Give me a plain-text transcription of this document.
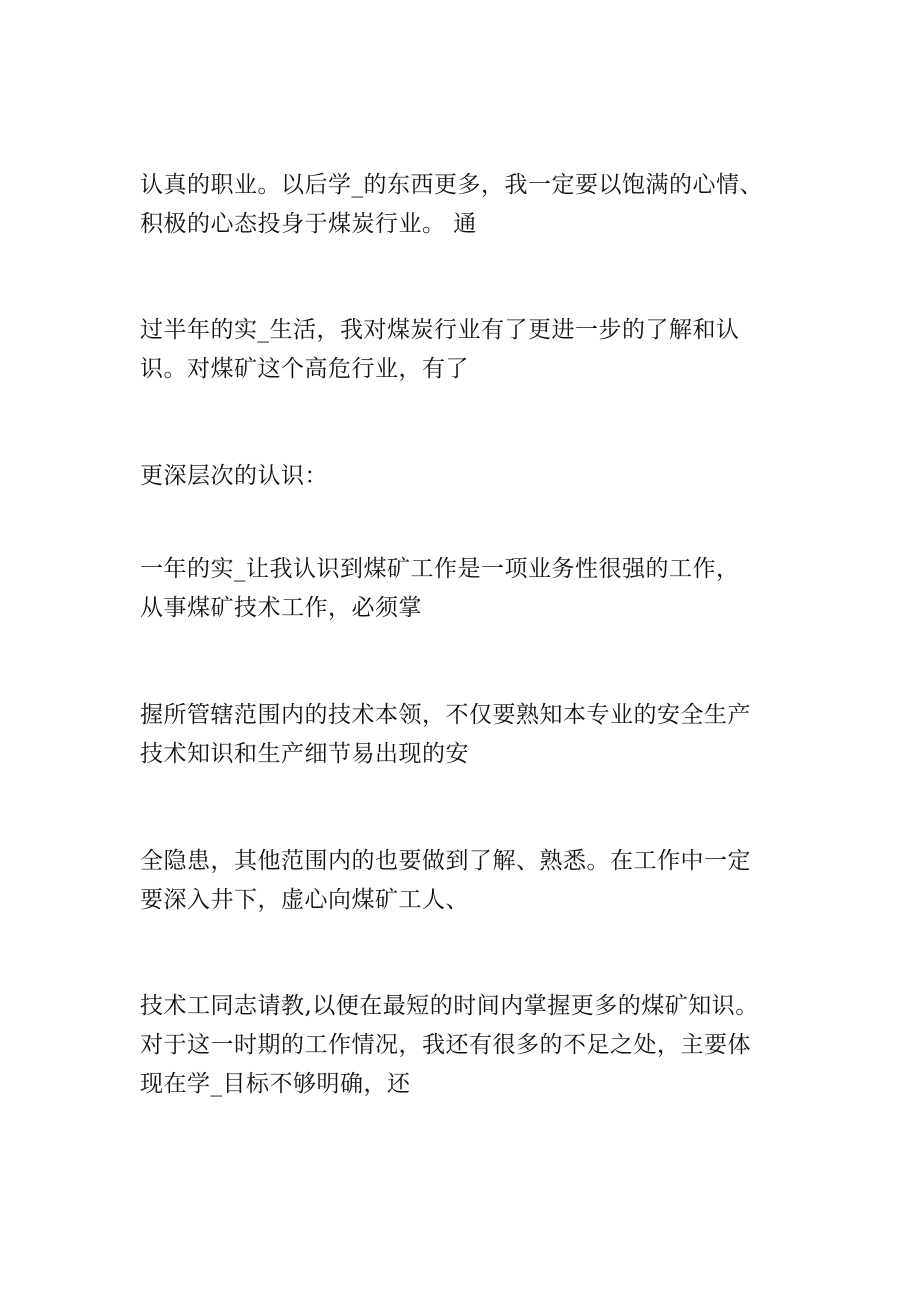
认真的职业。以后学_的东西更多，我一定要以饱满的心情、
积极的心态投身于煤炭行业。 通

过半年的实_生活，我对煤炭行业有了更进一步的了解和认
识。对煤矿这个高危行业，有了

更深层次的认识：

一年的实_让我认识到煤矿工作是一项业务性很强的工作，
从事煤矿技术工作，必须掌

握所管辖范围内的技术本领，不仅要熟知本专业的安全生产
技术知识和生产细节易出现的安

全隐患，其他范围内的也要做到了解、熟悉。在工作中一定
要深入井下，虚心向煤矿工人、

技术工同志请教,以便在最短的时间内掌握更多的煤矿知识。
对于这一时期的工作情况，我还有很多的不足之处，主要体
现在学_目标不够明确，还
